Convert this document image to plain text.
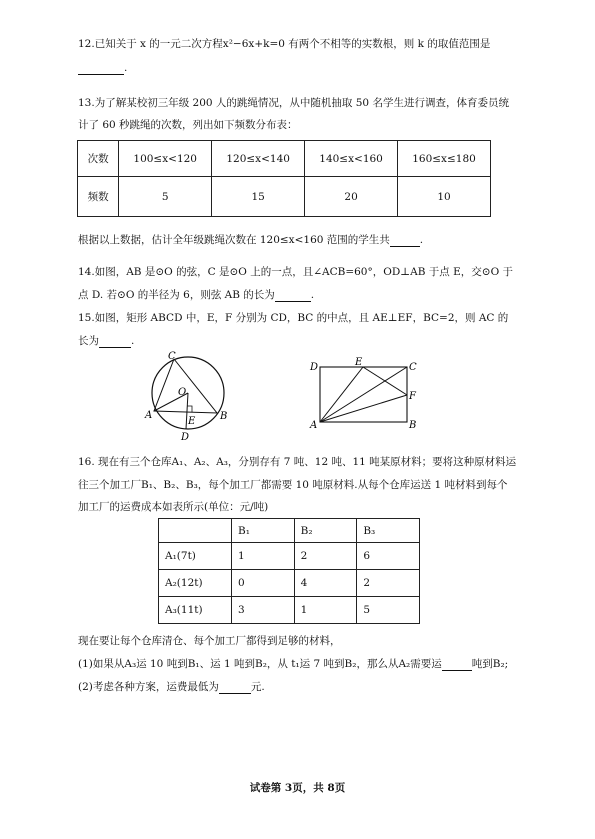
12.已知关于 x 的一元二次方程x²−6x+k=0 有两个不相等的实数根，则 k 的取值范围是
.
13.为了解某校初三年级 200 人的跳绳情况，从中随机抽取 50 名学生进行调查，体育委员统
计了 60 秒跳绳的次数，列出如下频数分布表：
次数	100≤x<120	120≤x<140	140≤x<160	160≤x≤180
频数	5	15	20	10
根据以上数据，估计全年级跳绳次数在 120≤x<160 范围的学生共	.
14.如图，AB 是⊙O 的弦，C 是⊙O 上的一点，且∠ACB=60°，OD⊥AB 于点 E，交⊙O 于
点 D. 若⊙O 的半径为 6，则弦 AB 的长为	.
15.如图，矩形 ABCD 中，E，F 分别为 CD，BC 的中点，且 AE⊥EF，BC=2，则 AC 的
长为	.
C
O
A	B
E
D
D	E	C
F
A	B
16. 现在有三个仓库A₁、A₂、A₃，分别存有 7 吨、12 吨、11 吨某原材料；要将这种原材料运
往三个加工厂B₁、B₂、B₃，每个加工厂都需要 10 吨原材料.从每个仓库运送 1 吨材料到每个
加工厂的运费成本如表所示(单位：元/吨)
	B₁	B₂	B₃
A₁(7t)	1	2	6
A₂(12t)	0	4	2
A₃(11t)	3	1	5
现在要让每个仓库清仓、每个加工厂都得到足够的材料，
(1)如果从A₃运 10 吨到B₁、运 1 吨到B₂，从 t₁运 7 吨到B₂，那么从A₂需要运	吨到B₂;
(2)考虑各种方案，运费最低为	元.
试卷第 3页，共 8页
